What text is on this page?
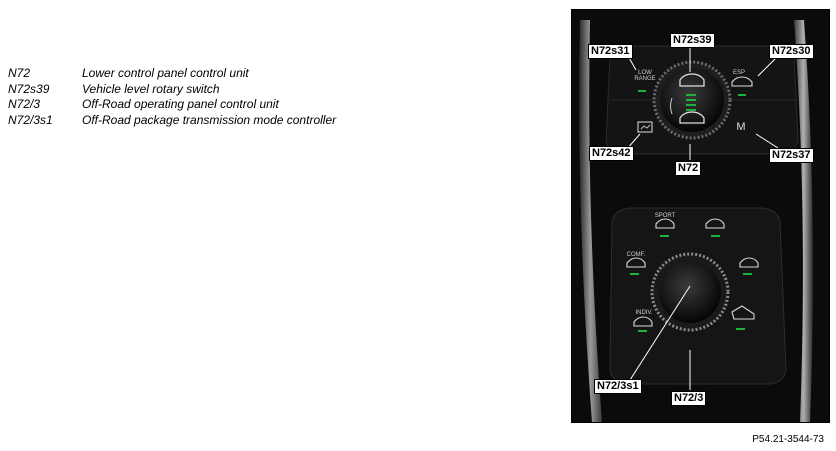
N72	Lower control panel control unit
N72s39	Vehicle level rotary switch
N72/3	Off-Road operating panel control unit
N72/3s1	Off-Road package transmission mode controller
LOW RANGE
ESP
M
SPORT
COMF.
INDIV.
N72s31
N72s39
N72s30
N72s42
N72
N72s37
N72/3s1
N72/3
P54.21-3544-73
